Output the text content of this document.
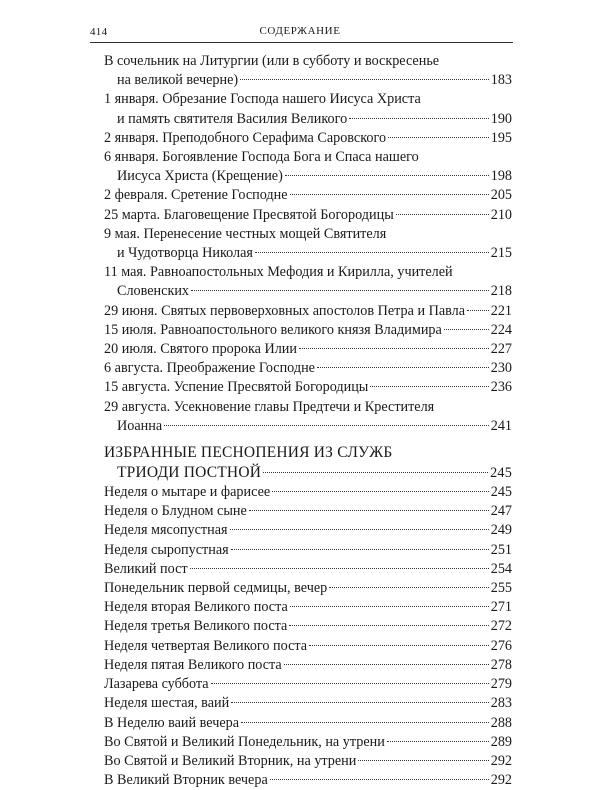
414	СОДЕРЖАНИЕ
В сочельник на Литургии (или в субботу и воскресенье
на великой вечерне)	183
1 января. Обрезание Господа нашего Иисуса Христа
и память святителя Василия Великого	190
2 января. Преподобного Серафима Саровского	195
6 января. Богоявление Господа Бога и Спаса нашего
Иисуса Христа (Крещение)	198
2 февраля. Сретение Господне	205
25 марта. Благовещение Пресвятой Богородицы	210
9 мая. Перенесение честных мощей Святителя
и Чудотворца Николая	215
11 мая. Равноапостольных Мефодия и Кирилла, учителей
Словенских	218
29 июня. Святых первоверховных апостолов Петра и Павла 221
15 июля. Равноапостольного великого князя Владимира	224
20 июля. Святого пророка Илии	227
6 августа. Преображение Господне	230
15 августа. Успение Пресвятой Богородицы	236
29 августа. Усекновение главы Предтечи и Крестителя
Иоанна	241
ИЗБРАННЫЕ ПЕСНОПЕНИЯ ИЗ СЛУЖБ
ТРИОДИ ПОСТНОЙ	245
Неделя о мытаре и фарисее	245
Неделя о Блудном сыне	247
Неделя мясопустная	249
Неделя сыропустная	251
Великий пост	254
Понедельник первой седмицы, вечер	255
Неделя вторая Великого поста	271
Неделя третья Великого поста	272
Неделя четвертая Великого поста	276
Неделя пятая Великого поста	278
Лазарева суббота	279
Неделя шестая, ваий	283
В Неделю ваий вечера	288
Во Святой и Великий Понедельник, на утрени	289
Во Святой и Великий Вторник, на утрени	292
В Великий Вторник вечера	292
